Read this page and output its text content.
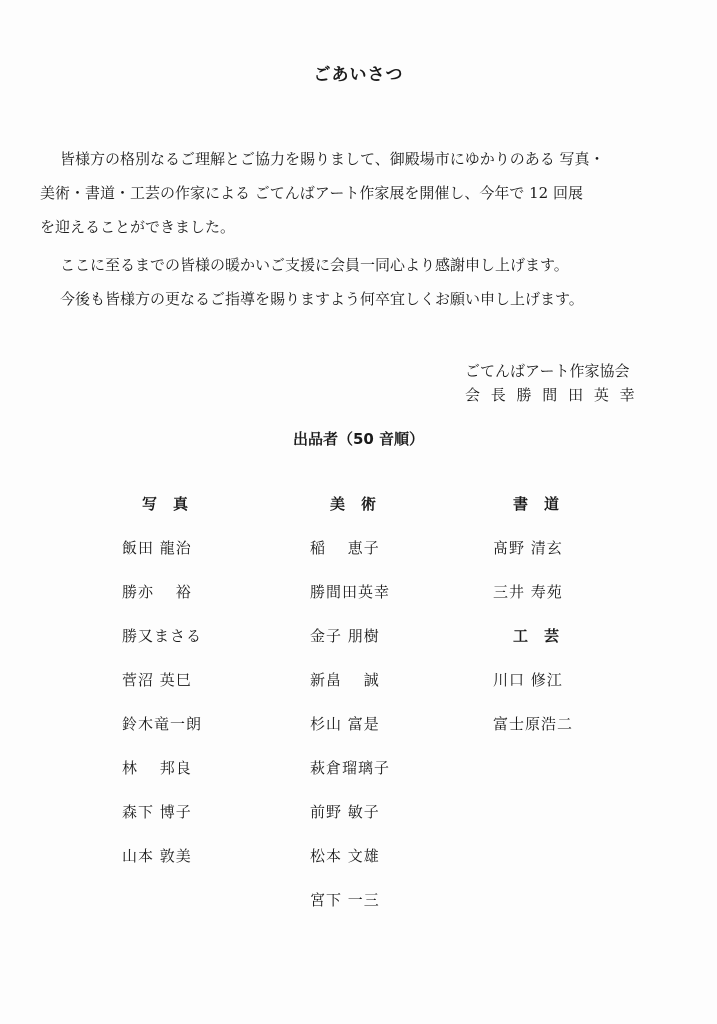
ごあいさつ
皆様方の格別なるご理解とご協力を賜りまして、御殿場市にゆかりのある 写真・
美術・書道・工芸の作家による ごてんばアート作家展を開催し、今年で 12 回展
を迎えることができました。
ここに至るまでの皆様の暖かいご支援に会員一同心より感謝申し上げます。
今後も皆様方の更なるご指導を賜りますよう何卒宜しくお願い申し上げます。
ごてんばアート作家協会
会 長 勝 間 田 英 幸
出品者（50 音順）
写真
飯田 龍治
勝亦　 裕
勝又まさる
菅沼 英巳
鈴木竜一朗
林　 邦良
森下 博子
山本 敦美
美術
稲　 恵子
勝間田英幸
金子 朋樹
新畠　 誠
杉山 富是
萩倉瑠璃子
前野 敏子
松本 文雄
宮下 一三
書道
髙野 清玄
三井 寿苑
工芸
川口 修江
富士原浩二
